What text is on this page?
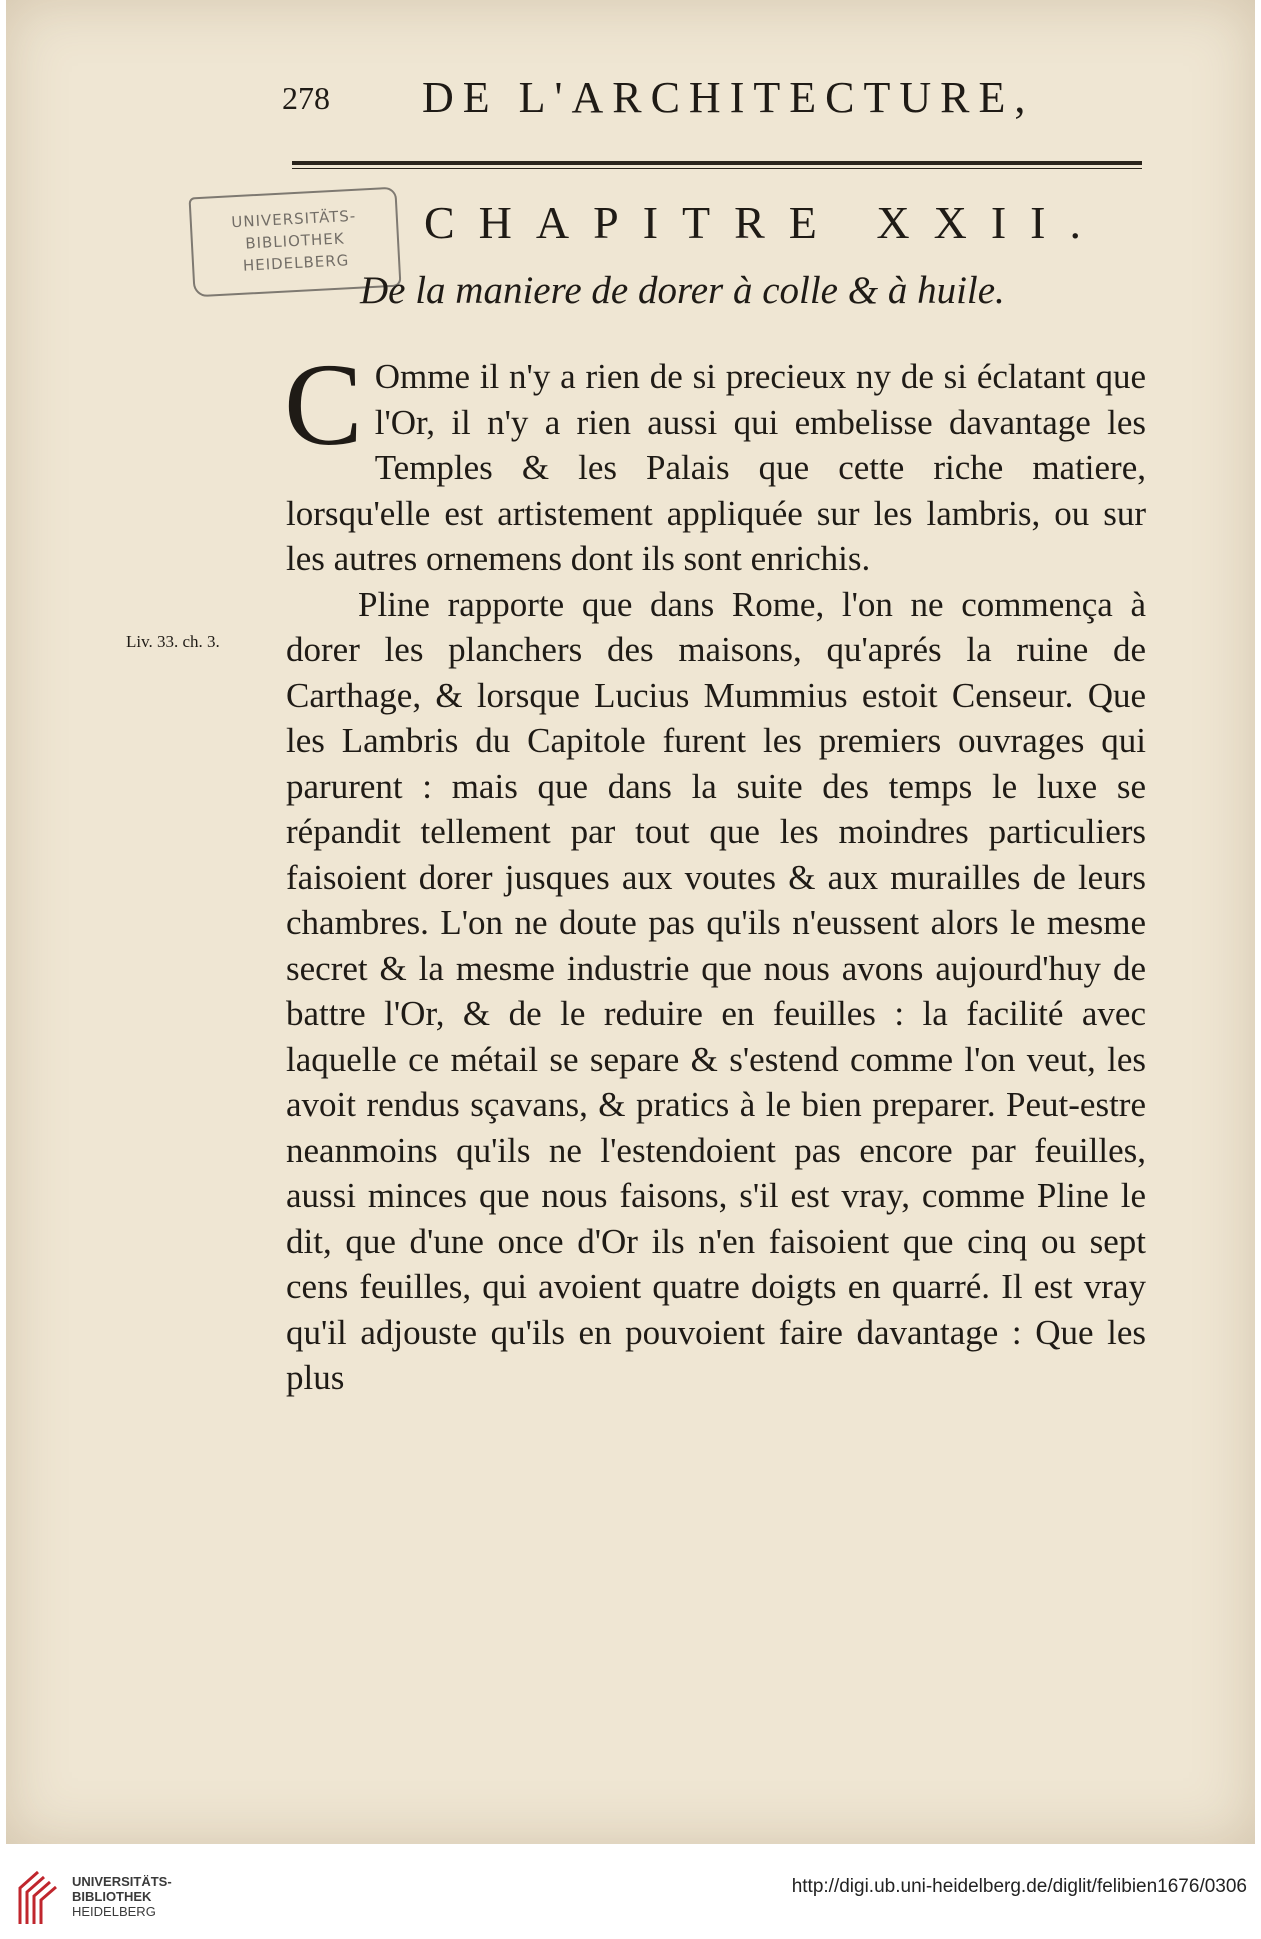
278 DE L'ARCHITECTURE,
UNIVERSITÄTS-
BIBLIOTHEK
HEIDELBERG
CHAPITRE XXII.
De la maniere de dorer à colle & à huile.
Liv. 33. ch. 3.

C Omme il n'y a rien de si precieux ny de si éclatant que l'Or, il n'y a rien aussi qui embelisse davantage les Temples & les Palais que cette riche matiere, lorsqu'elle est artistement appliquée sur les lambris, ou sur les autres ornemens dont ils sont enrichis.

Pline rapporte que dans Rome, l'on ne commença à dorer les planchers des maisons, qu'aprés la ruine de Carthage, & lorsque Lucius Mummius estoit Censeur. Que les Lambris du Capitole furent les premiers ouvrages qui parurent : mais que dans la suite des temps le luxe se répandit tellement par tout que les moindres particuliers faisoient dorer jusques aux voutes & aux murailles de leurs chambres. L'on ne doute pas qu'ils n'eussent alors le mesme secret & la mesme industrie que nous avons aujourd'huy de battre l'Or, & de le reduire en feuilles : la facilité avec laquelle ce métail se separe & s'estend comme l'on veut, les avoit rendus sçavans, & pratics à le bien preparer. Peut-estre neanmoins qu'ils ne l'estendoient pas encore par feuilles, aussi minces que nous faisons, s'il est vray, comme Pline le dit, que d'une once d'Or ils n'en faisoient que cinq ou sept cens feuilles, qui avoient quatre doigts en quarré. Il est vray qu'il adjouste qu'ils en pouvoient faire davantage : Que les plus

UNIVERSITÄTS-
BIBLIOTHEK
HEIDELBERG
http://digi.ub.uni-heidelberg.de/diglit/felibien1676/0306
